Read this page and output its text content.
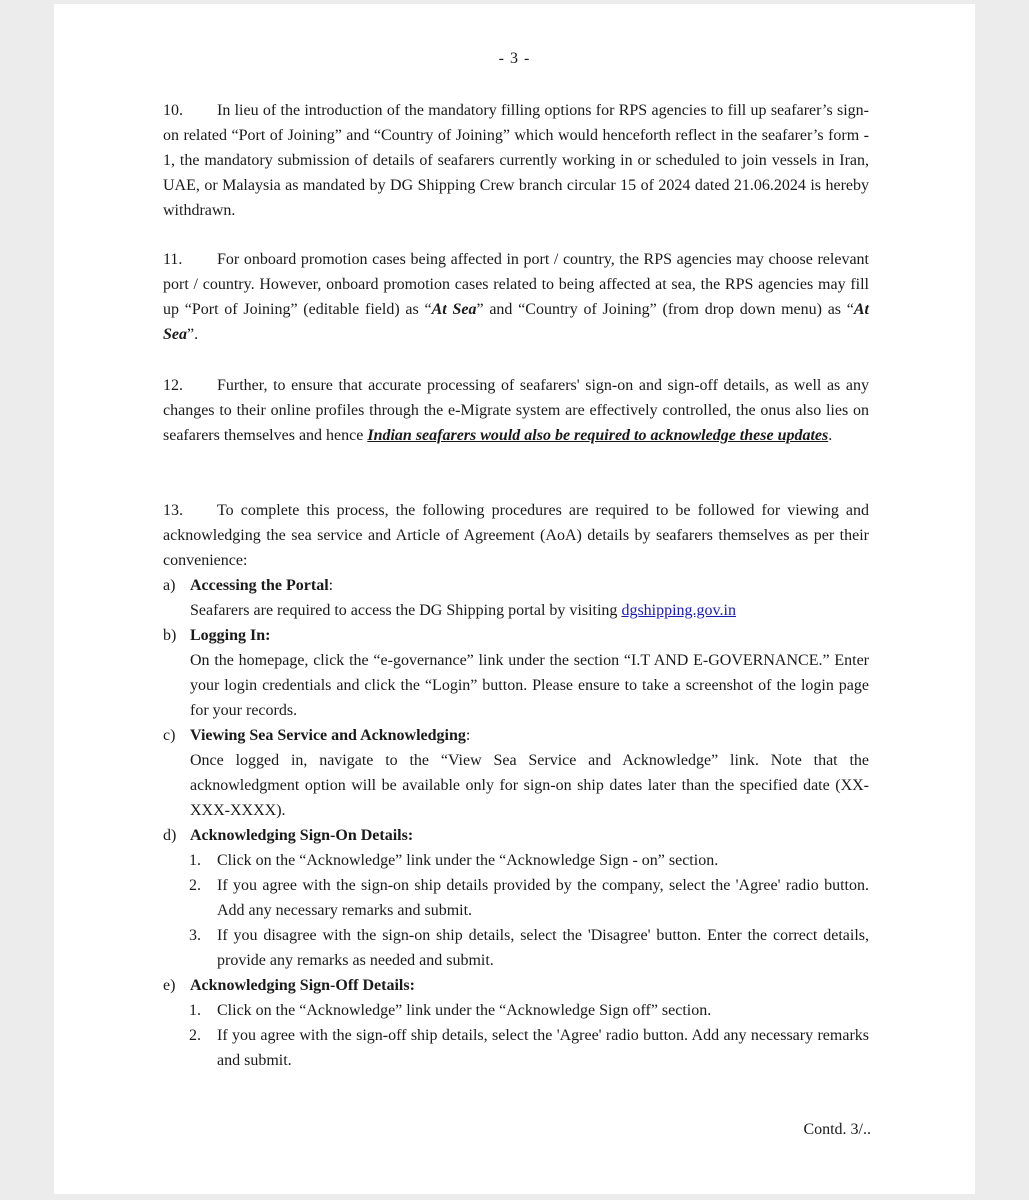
- 3 -

10. In lieu of the introduction of the mandatory filling options for RPS agencies to fill up seafarer’s sign-on related “Port of Joining” and “Country of Joining” which would henceforth reflect in the seafarer’s form - 1, the mandatory submission of details of seafarers currently working in or scheduled to join vessels in Iran, UAE, or Malaysia as mandated by DG Shipping Crew branch circular 15 of 2024 dated 21.06.2024 is hereby withdrawn.

11. For onboard promotion cases being affected in port / country, the RPS agencies may choose relevant port / country. However, onboard promotion cases related to being affected at sea, the RPS agencies may fill up “Port of Joining” (editable field) as “At Sea” and “Country of Joining” (from drop down menu) as “At Sea”.

12. Further, to ensure that accurate processing of seafarers' sign-on and sign-off details, as well as any changes to their online profiles through the e-Migrate system are effectively controlled, the onus also lies on seafarers themselves and hence Indian seafarers would also be required to acknowledge these updates.

13. To complete this process, the following procedures are required to be followed for viewing and acknowledging the sea service and Article of Agreement (AoA) details by seafarers themselves as per their convenience:

a) Accessing the Portal:

Seafarers are required to access the DG Shipping portal by visiting dgshipping.gov.in

b) Logging In:

On the homepage, click the “e-governance” link under the section “I.T AND E-GOVERNANCE.” Enter your login credentials and click the “Login” button. Please ensure to take a screenshot of the login page for your records.

c) Viewing Sea Service and Acknowledging:

Once logged in, navigate to the “View Sea Service and Acknowledge” link. Note that the acknowledgment option will be available only for sign-on ship dates later than the specified date (XX-XXX-XXXX).

d) Acknowledging Sign-On Details:
1. Click on the “Acknowledge” link under the “Acknowledge Sign - on” section.

2. If you agree with the sign-on ship details provided by the company, select the 'Agree' radio button. Add any necessary remarks and submit.

3. If you disagree with the sign-on ship details, select the 'Disagree' button. Enter the correct details, provide any remarks as needed and submit.

e) Acknowledging Sign-Off Details:
1. Click on the “Acknowledge” link under the “Acknowledge Sign off” section.

2. If you agree with the sign-off ship details, select the 'Agree' radio button. Add any necessary remarks and submit.

Contd. 3/..
